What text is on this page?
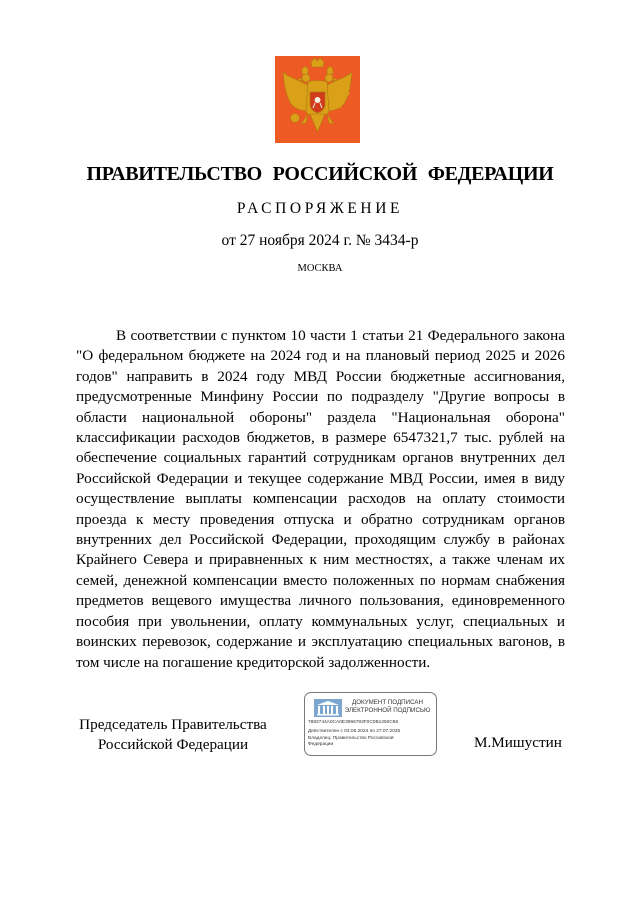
ПРАВИТЕЛЬСТВО РОССИЙСКОЙ ФЕДЕРАЦИИ
РАСПОРЯЖЕНИЕ
от 27 ноября 2024 г. № 3434-р
МОСКВА

В соответствии с пунктом 10 части 1 статьи 21 Федерального закона "О федеральном бюджете на 2024 год и на плановый период 2025 и 2026 годов" направить в 2024 году МВД России бюджетные ассигнования, предусмотренные Минфину России по подразделу "Другие вопросы в области национальной обороны" раздела "Национальная оборона" классификации расходов бюджетов, в размере 6547321,7 тыс. рублей на обеспечение социальных гарантий сотрудникам органов внутренних дел Российской Федерации и текущее содержание МВД России, имея в виду осуществление выплаты компенсации расходов на оплату стоимости проезда к месту проведения отпуска и обратно сотрудникам органов внутренних дел Российской Федерации, проходящим службу в районах Крайнего Севера и приравненных к ним местностях, а также членам их семей, денежной компенсации вместо положенных по нормам снабжения предметов вещевого имущества личного пользования, единовременного пособия при увольнении, оплату коммунальных услуг, специальных и воинских перевозок, содержание и эксплуатацию специальных вагонов, в том числе на погашение кредиторской задолженности.

Председатель Правительства
Российской Федерации
ДОКУМЕНТ ПОДПИСАН
ЭЛЕКТРОННОЙ ПОДПИСЬЮ
7882744A0CA0E3996783F0C0B1250C86
Действителен с 03.05.2024 по 27.07.2025
Владелец: Правительство Российской
Федерации	М.Мишустин
